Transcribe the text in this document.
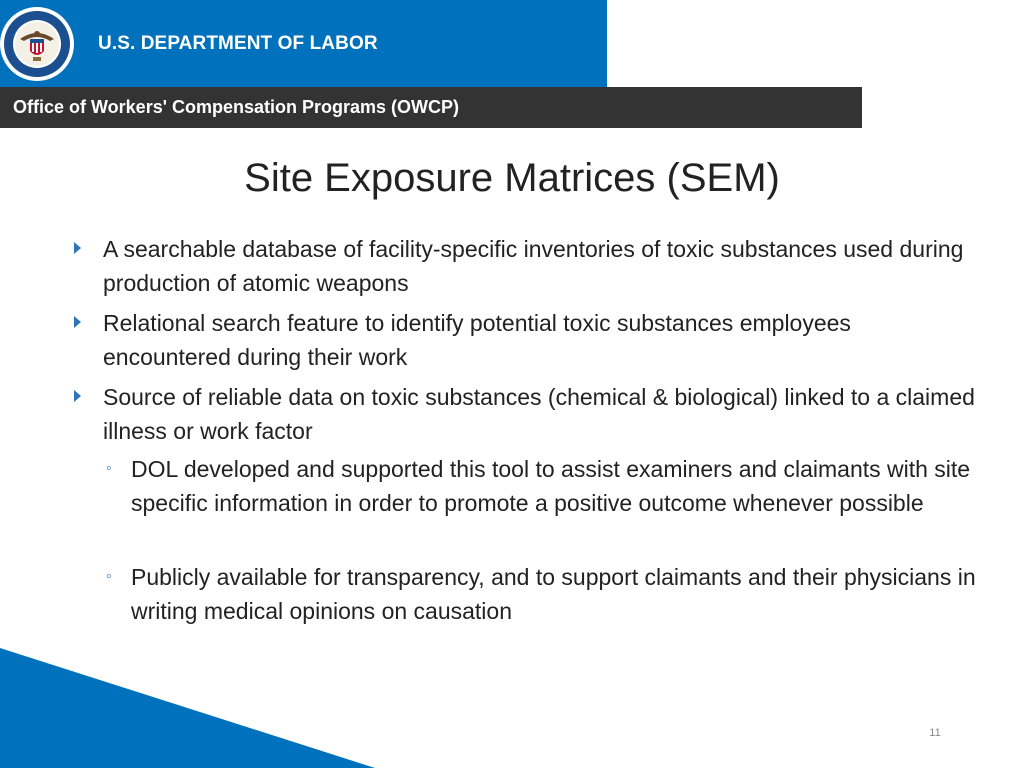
U.S. DEPARTMENT OF LABOR
Office of Workers' Compensation Programs (OWCP)
Site Exposure Matrices (SEM)
A searchable database of facility-specific inventories of toxic substances used during production of atomic weapons
Relational search feature to identify potential toxic substances employees encountered during their work
Source of reliable data on toxic substances (chemical & biological) linked to a claimed illness or work factor
◦ DOL developed and supported this tool to assist examiners and claimants with site specific information in order to promote a positive outcome whenever possible
◦ Publicly available for transparency, and to support claimants and their physicians in writing medical opinions on causation
11
